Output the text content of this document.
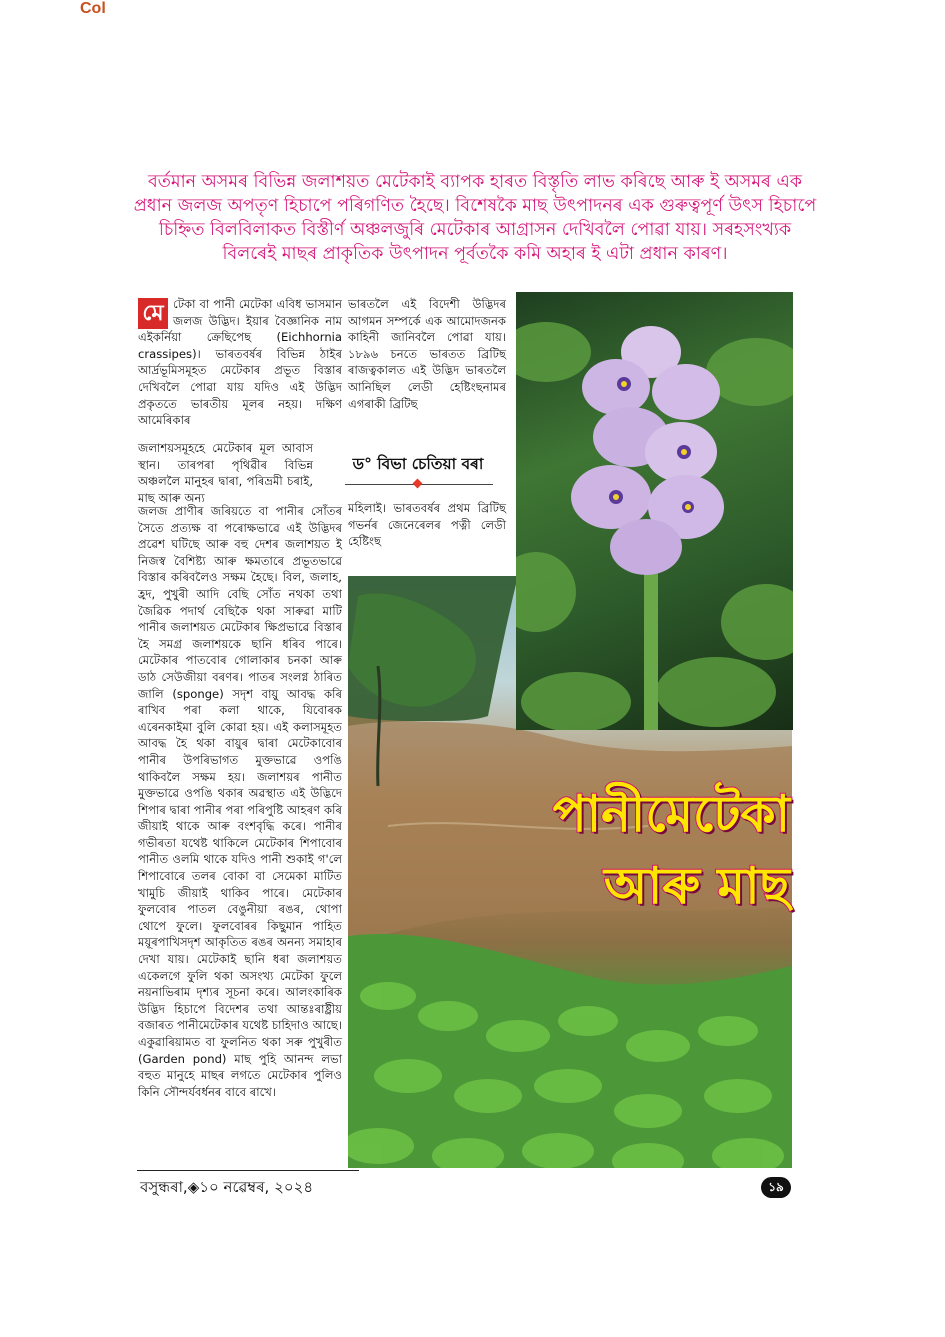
Col
বৰ্তমান অসমৰ বিভিন্ন জলাশয়ত মেটেকাই ব্যাপক হাৰত বিস্তৃতি লাভ কৰিছে আৰু ই অসমৰ এক প্ৰধান জলজ অপতৃণ হিচাপে পৰিগণিত হৈছে। বিশেষকৈ মাছ উৎপাদনৰ এক গুৰুত্বপূৰ্ণ উৎস হিচাপে চিহ্নিত বিলবিলাকত বিস্তীৰ্ণ অঞ্চলজুৰি মেটেকাৰ আগ্ৰাসন দেখিবলৈ পোৱা যায়। সৰহসংখ্যক বিলৰেই মাছৰ প্ৰাকৃতিক উৎপাদন পূৰ্বতকৈ কমি অহাৰ ই এটা প্ৰধান কাৰণ।
মে টেকা বা পানী মেটেকা এবিধ ভাসমান জলজ উদ্ভিদ। ইয়াৰ বৈজ্ঞানিক নাম এইকৰ্নিয়া ক্ৰেছিপেছ (Eichhornia crassipes)। ভাৰতবৰ্ষৰ বিভিন্ন ঠাইৰ আৰ্দ্ৰভূমিসমূহত মেটেকাৰ প্ৰভূত বিস্তাৰ দেখিবলৈ পোৱা যায় যদিও এই উদ্ভিদ প্ৰকৃততে ভাৰতীয় মূলৰ নহয়। দক্ষিণ আমেৰিকাৰ

জলাশয়সমূহহে মেটেকাৰ মূল আবাস স্থান। তাৰপৰা পৃথিৱীৰ বিভিন্ন অঞ্চললৈ মানুহৰ দ্বাৰা, পৰিভ্ৰমী চৰাই, মাছ আৰু অন্য

জলজ প্ৰাণীৰ জৰিয়তে বা পানীৰ সোঁতৰ সৈতে প্ৰত্যক্ষ বা পৰোক্ষভাৱে এই উদ্ভিদৰ প্ৰৱেশ ঘটিছে আৰু বহু দেশৰ জলাশয়ত ই নিজস্ব বৈশিষ্ট্য আৰু ক্ষমতাৰে প্ৰভূতভাৱে বিস্তাৰ কৰিবলৈও সক্ষম হৈছে। বিল, জলাহ, হ্ৰদ, পুখুৰী আদি বেছি সোঁত নথকা তথা জৈৱিক পদাৰ্থ বেছিকৈ থকা সাৰুৱা মাটি পানীৰ জলাশয়ত মেটেকাৰ ক্ষিপ্ৰভাৱে বিস্তাৰ হৈ সমগ্ৰ জলাশয়কে ছানি ধৰিব পাৰে। মেটেকাৰ পাতবোৰ গোলাকাৰ চনকা আৰু ডাঠ সেউজীয়া বৰণৰ। পাতৰ সংলগ্ন ঠাৰিত জালি (sponge) সদৃশ বায়ু আবদ্ধ কৰি ৰাখিব পৰা কলা থাকে, যিবোৰক এৰেনকাইমা বুলি কোৱা হয়। এই কলাসমূহত আবদ্ধ হৈ থকা বায়ুৰ দ্বাৰা মেটেকাবোৰ পানীৰ উপৰিভাগত মুক্তভাৱে ওপঙি থাকিবলৈ সক্ষম হয়। জলাশয়ৰ পানীত মুক্তভাৱে ওপঙি থকাৰ অৱস্থাত এই উদ্ভিদে শিপাৰ দ্বাৰা পানীৰ পৰা পৰিপুষ্টি আহৰণ কৰি জীয়াই থাকে আৰু বংশবৃদ্ধি কৰে। পানীৰ গভীৰতা যথেষ্ট থাকিলে মেটেকাৰ শিপাবোৰ পানীত ওলমি থাকে যদিও পানী শুকাই গ'লে শিপাবোৰে তলৰ বোকা বা সেমেকা মাটিত খামুচি জীয়াই থাকিব পাৰে। মেটেকাৰ ফুলবোৰ পাতল বেঙুনীয়া ৰঙৰ, থোপা থোপে ফুলে। ফুলবোৰৰ কিছুমান পাহিত ময়ূৰপাখিসদৃশ আকৃতিত ৰঙৰ অনন্য সমাহাৰ দেখা যায়। মেটেকাই ছানি ধৰা জলাশয়ত একেলগে ফুলি থকা অসংখ্য মেটেকা ফুলে নয়নাভিৰাম দৃশ্যৰ সূচনা কৰে। আলংকাৰিক উদ্ভিদ হিচাপে বিদেশৰ তথা আন্তঃৰাষ্ট্ৰীয় বজাৰত পানীমেটেকাৰ যথেষ্ট চাহিদাও আছে। একুৱাৰিয়ামত বা ফুলনিত থকা সৰু পুখুৰীত (Garden pond) মাছ পুহি আনন্দ লভা বহুত মানুহে মাছৰ লগতে মেটেকাৰ পুলিও কিনি সৌন্দৰ্যবৰ্ধনৰ বাবে ৰাখে।

ভাৰতলৈ এই বিদেশী উদ্ভিদৰ আগমন সম্পৰ্কে এক আমোদজনক কাহিনী জানিবলৈ পোৱা যায়। ১৮৯৬ চনতে ভাৰতত ব্ৰিটিছ ৰাজত্বকালত এই উদ্ভিদ ভাৰতলৈ আনিছিল লেডী হেষ্টিংছনামৰ এগৰাকী ব্ৰিটিছ

ড° বিভা চেতিয়া বৰা

মহিলাই। ভাৰতবৰ্ষৰ প্ৰথম ব্ৰিটিছ গভৰ্নৰ জেনেৰেলৰ পত্নী লেডী হেষ্টিংছ

পানীমেটেকা
আৰু মাছ
বসুন্ধৰা,◈১০ নৱেম্বৰ, ২০২৪	১৯
